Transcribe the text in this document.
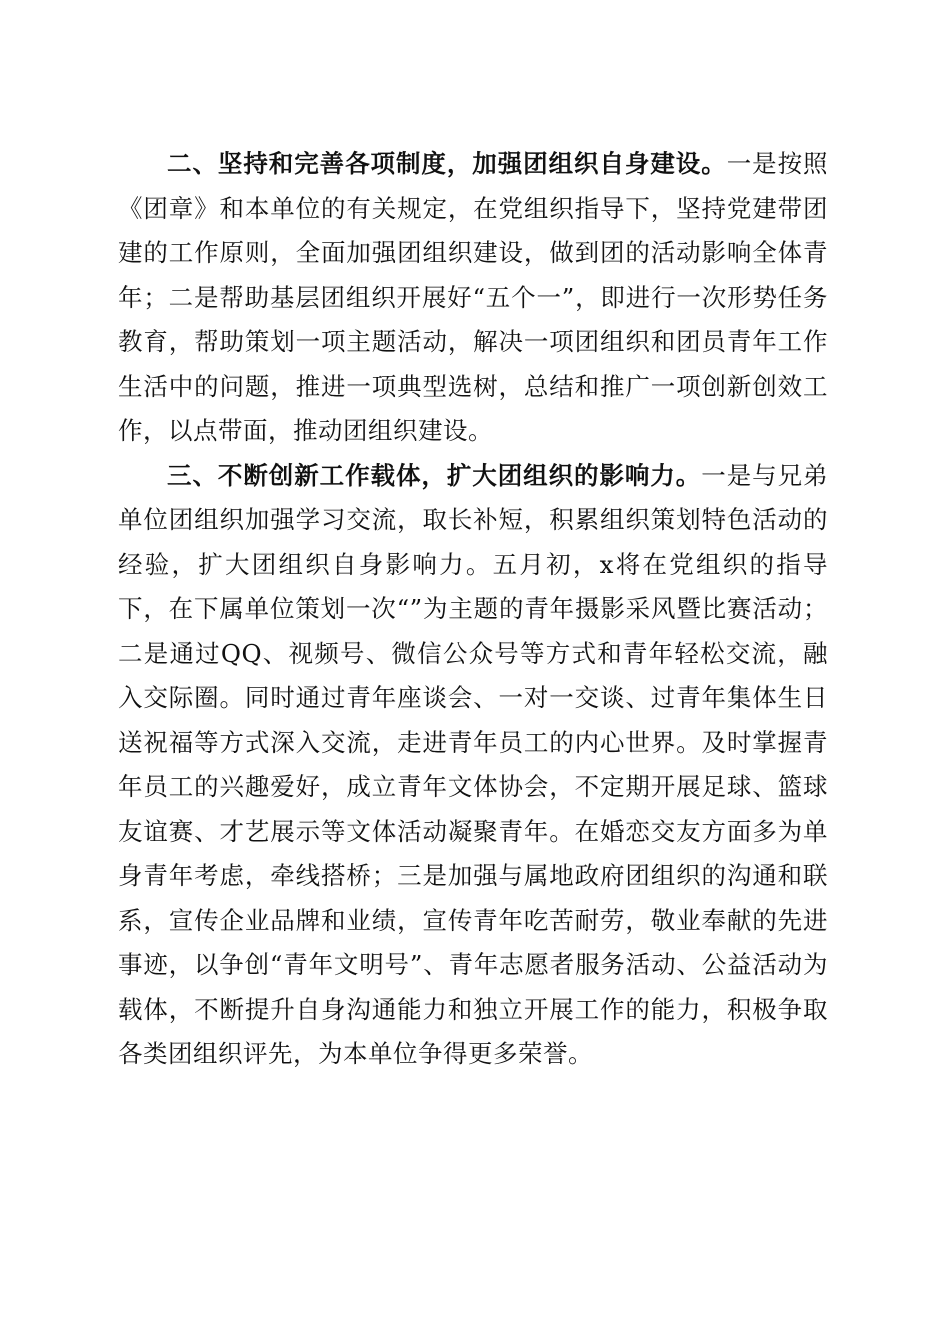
二、坚持和完善各项制度，加强团组织自身建设。一是按照《团章》和本单位的有关规定，在党组织指导下，坚持党建带团建的工作原则，全面加强团组织建设，做到团的活动影响全体青年；二是帮助基层团组织开展好“五个一”，即进行一次形势任务教育，帮助策划一项主题活动，解决一项团组织和团员青年工作生活中的问题，推进一项典型选树，总结和推广一项创新创效工作，以点带面，推动团组织建设。

三、不断创新工作载体，扩大团组织的影响力。一是与兄弟单位团组织加强学习交流，取长补短，积累组织策划特色活动的经验，扩大团组织自身影响力。五月初，x将在党组织的指导下，在下属单位策划一次“”为主题的青年摄影采风暨比赛活动；二是通过QQ、视频号、微信公众号等方式和青年轻松交流，融入交际圈。同时通过青年座谈会、一对一交谈、过青年集体生日送祝福等方式深入交流，走进青年员工的内心世界。及时掌握青年员工的兴趣爱好，成立青年文体协会，不定期开展足球、篮球友谊赛、才艺展示等文体活动凝聚青年。在婚恋交友方面多为单身青年考虑，牵线搭桥；三是加强与属地政府团组织的沟通和联系，宣传企业品牌和业绩，宣传青年吃苦耐劳，敬业奉献的先进事迹，以争创“青年文明号”、青年志愿者服务活动、公益活动为载体，不断提升自身沟通能力和独立开展工作的能力，积极争取各类团组织评先，为本单位争得更多荣誉。
